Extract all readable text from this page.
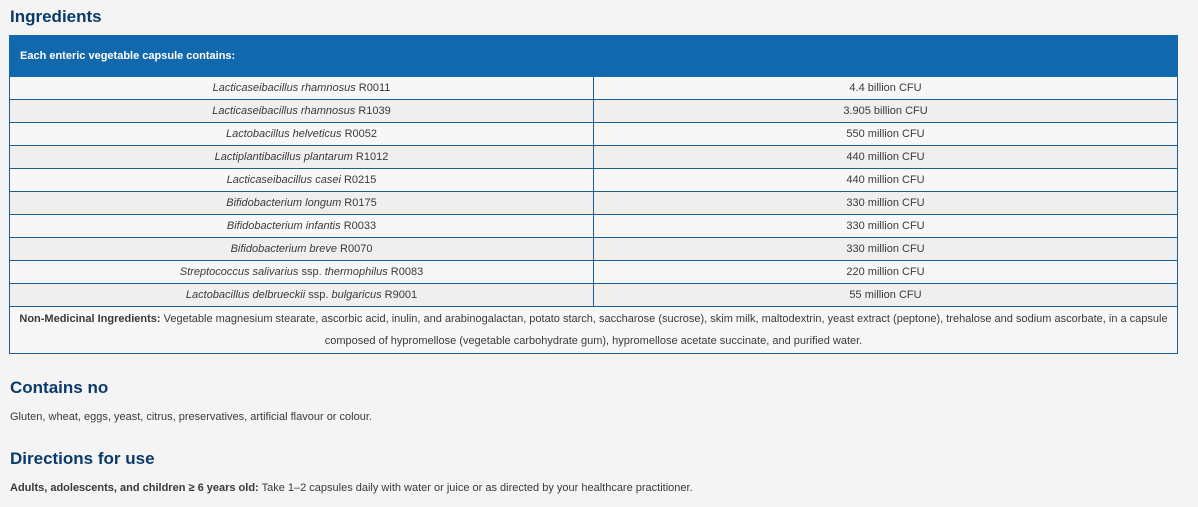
Ingredients
Each enteric vegetable capsule contains:	
Lacticaseibacillus rhamnosus R0011	4.4 billion CFU
Lacticaseibacillus rhamnosus R1039	3.905 billion CFU
Lactobacillus helveticus R0052	550 million CFU
Lactiplantibacillus plantarum R1012	440 million CFU
Lacticaseibacillus casei R0215	440 million CFU
Bifidobacterium longum R0175	330 million CFU
Bifidobacterium infantis R0033	330 million CFU
Bifidobacterium breve R0070	330 million CFU
Streptococcus salivarius ssp. thermophilus R0083	220 million CFU
Lactobacillus delbrueckii ssp. bulgaricus R9001	55 million CFU
Non-Medicinal Ingredients: Vegetable magnesium stearate, ascorbic acid, inulin, and arabinogalactan, potato starch, saccharose (sucrose), skim milk, maltodextrin, yeast extract (peptone), trehalose and sodium ascorbate, in a capsule composed of hypromellose (vegetable carbohydrate gum), hypromellose acetate succinate, and purified water.	
Contains no

Gluten, wheat, eggs, yeast, citrus, preservatives, artificial flavour or colour.

Directions for use

Adults, adolescents, and children ≥ 6 years old: Take 1–2 capsules daily with water or juice or as directed by your healthcare practitioner.
